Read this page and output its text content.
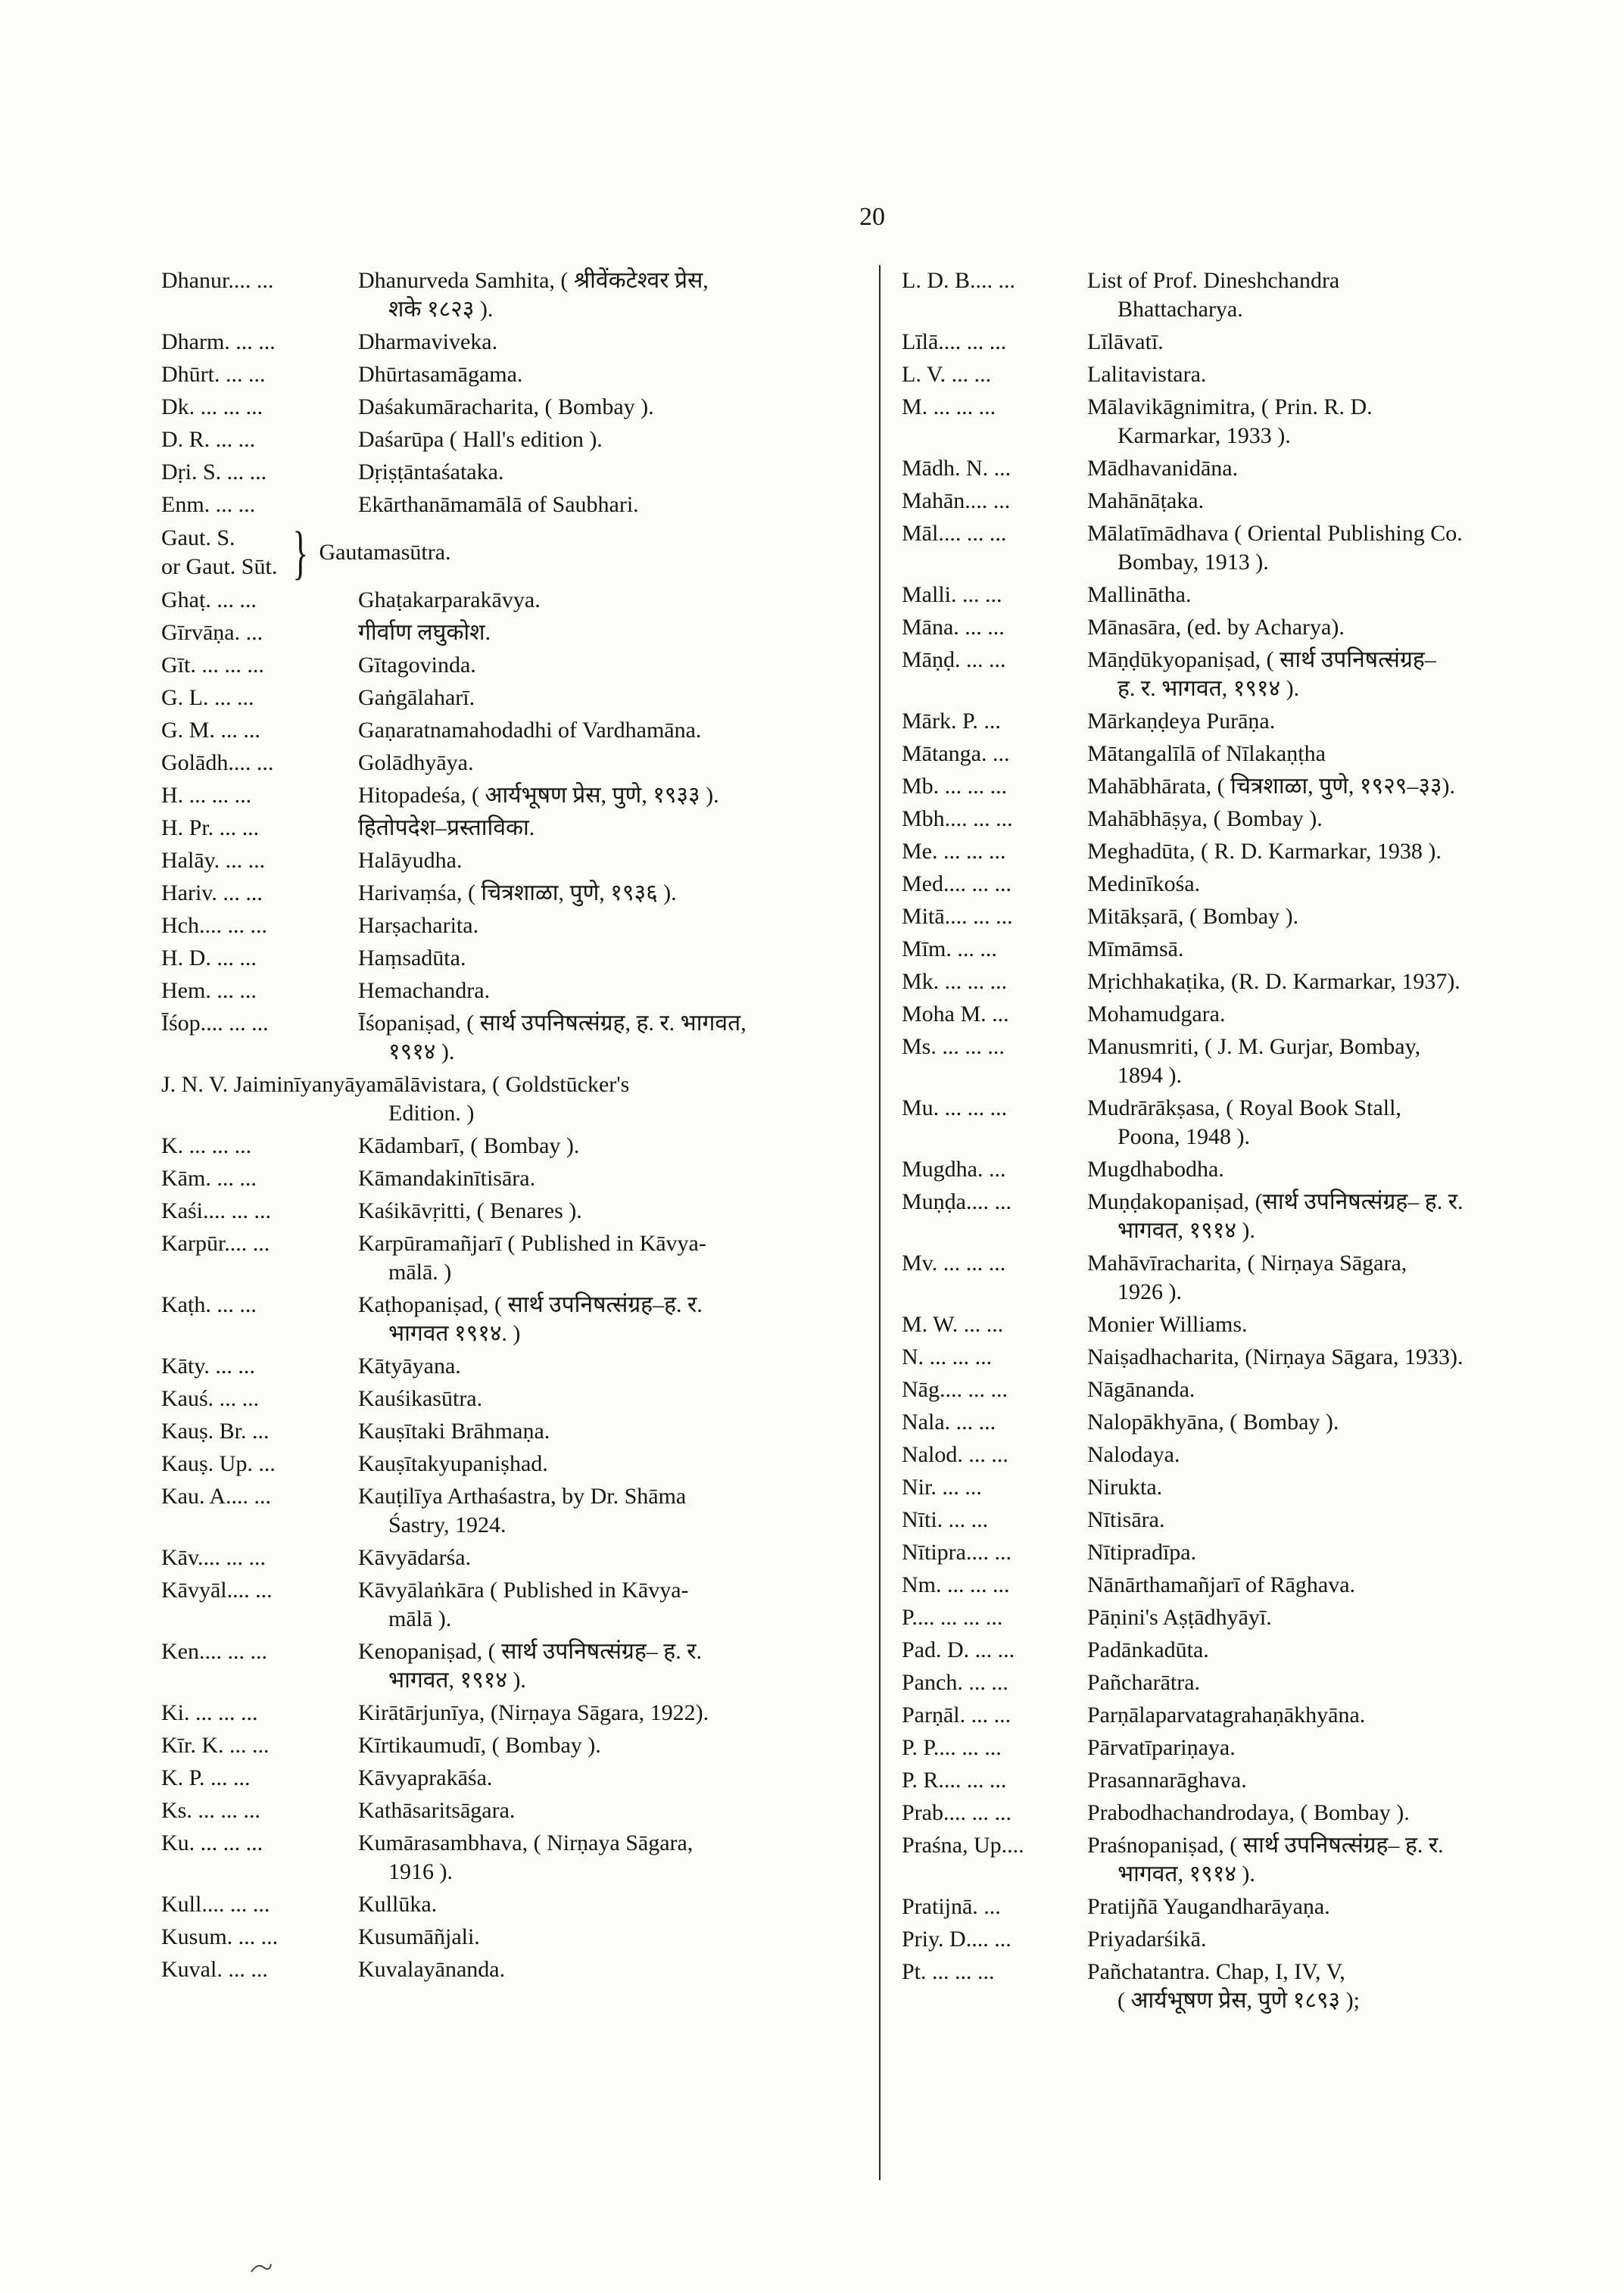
20
Dhanur.... ...	Dhanurveda Samhita, ( श्रीवेंकटेश्वर प्रेस,
शके १८२३ ).
Dharm. ... ...	Dharmaviveka.
Dhūrt. ... ...	Dhūrtasamāgama.
Dk. ... ... ...	Daśakumāracharita, ( Bombay ).
D. R. ... ...	Daśarūpa ( Hall's edition ).
Dṛi. S. ... ...	Dṛiṣṭāntaśataka.
Enm. ... ...	Ekārthanāmamālā of Saubhari.
Gaut. S.
or Gaut. Sūt. } Gautamasūtra.
Ghaṭ. ... ...	Ghaṭakarparakāvya.
Gīrvāṇa. ...	गीर्वाण लघुकोश.
Gīt. ... ... ...	Gītagovinda.
G. L. ... ...	Gaṅgālaharī.
G. M. ... ...	Gaṇaratnamahodadhi of Vardhamāna.
Golādh.... ...	Golādhyāya.
H. ... ... ...	Hitopadeśa, ( आर्यभूषण प्रेस, पुणे, १९३३ ).
H. Pr. ... ...	हितोपदेश–प्रस्ताविका.
Halāy. ... ...	Halāyudha.
Hariv. ... ...	Harivaṃśa, ( चित्रशाळा, पुणे, १९३६ ).
Hch.... ... ...	Harṣacharita.
H. D. ... ...	Haṃsadūta.
Hem. ... ...	Hemachandra.
Īśop.... ... ...	Īśopaniṣad, ( सार्थ उपनिषत्संग्रह, ह. र. भागवत,
१९१४ ).
J. N. V. Jaiminīyanyāyamālāvistara, ( Goldstūcker's Edition. )
K. ... ... ...	Kādambarī, ( Bombay ).
Kām. ... ...	Kāmandakinītisāra.
Kaśi.... ... ...	Kaśikāvṛitti, ( Benares ).
Karpūr.... ...	Karpūramañjarī ( Published in Kāvya-
mālā. )
Kaṭh. ... ...	Kaṭhopaniṣad, ( सार्थ उपनिषत्संग्रह–ह. र.
भागवत १९१४. )
Kāty. ... ...	Kātyāyana.
Kauś. ... ...	Kauśikasūtra.
Kauṣ. Br. ...	Kauṣītaki Brāhmaṇa.
Kauṣ. Up. ...	Kauṣītakyupaniṣhad.
Kau. A.... ...	Kauṭilīya Arthaśastra, by Dr. Shāma
Śastry, 1924.
Kāv.... ... ...	Kāvyādarśa.
Kāvyāl.... ...	Kāvyālaṅkāra ( Published in Kāvya-
mālā ).
Ken.... ... ...	Kenopaniṣad, ( सार्थ उपनिषत्संग्रह– ह. र.
भागवत, १९१४ ).
Ki. ... ... ...	Kirātārjunīya, (Nirṇaya Sāgara, 1922).
Kīr. K. ... ...	Kīrtikaumudī, ( Bombay ).
K. P. ... ...	Kāvyaprakāśa.
Ks. ... ... ...	Kathāsaritsāgara.
Ku. ... ... ...	Kumārasambhava, ( Nirṇaya Sāgara,
1916 ).
Kull.... ... ...	Kullūka.
Kusum. ... ...	Kusumāñjali.
Kuval. ... ...	Kuvalayānanda.
L. D. B.... ...	List of Prof. Dineshchandra
Bhattacharya.
Līlā.... ... ...	Līlāvatī.
L. V. ... ...	Lalitavistara.
M. ... ... ...	Mālavikāgnimitra, ( Prin. R. D.
Karmarkar, 1933 ).
Mādh. N. ...	Mādhavanidāna.
Mahān.... ...	Mahānāṭaka.
Māl.... ... ...	Mālatīmādhava ( Oriental Publishing Co.
Bombay, 1913 ).
Malli. ... ...	Mallinātha.
Māna. ... ...	Mānasāra, (ed. by Acharya).
Māṇḍ. ... ...	Māṇḍūkyopaniṣad, ( सार्थ उपनिषत्संग्रह–
ह. र. भागवत, १९१४ ).
Mārk. P. ...	Mārkaṇḍeya Purāṇa.
Mātanga. ...	Mātangalīlā of Nīlakaṇṭha
Mb. ... ... ...	Mahābhārata, ( चित्रशाळा, पुणे, १९२९–३३).
Mbh.... ... ...	Mahābhāṣya, ( Bombay ).
Me. ... ... ...	Meghadūta, ( R. D. Karmarkar, 1938 ).
Med.... ... ...	Medinīkośa.
Mitā.... ... ...	Mitākṣarā, ( Bombay ).
Mīm. ... ...	Mīmāmsā.
Mk. ... ... ...	Mṛichhakaṭika, (R. D. Karmarkar, 1937).
Moha M. ...	Mohamudgara.
Ms. ... ... ...	Manusmriti, ( J. M. Gurjar, Bombay,
1894 ).
Mu. ... ... ...	Mudrārākṣasa, ( Royal Book Stall,
Poona, 1948 ).
Mugdha. ...	Mugdhabodha.
Muṇḍa.... ...	Muṇḍakopaniṣad, (सार्थ उपनिषत्संग्रह– ह. र.
भागवत, १९१४ ).
Mv. ... ... ...	Mahāvīracharita, ( Nirṇaya Sāgara,
1926 ).
M. W. ... ...	Monier Williams.
N. ... ... ...	Naiṣadhacharita, (Nirṇaya Sāgara, 1933).
Nāg.... ... ...	Nāgānanda.
Nala. ... ...	Nalopākhyāna, ( Bombay ).
Nalod. ... ...	Nalodaya.
Nir. ... ...	Nirukta.
Nīti. ... ...	Nītisāra.
Nītipra.... ...	Nītipradīpa.
Nm. ... ... ...	Nānārthamañjarī of Rāghava.
P.... ... ... ...	Pāṇini's Aṣṭādhyāyī.
Pad. D. ... ...	Padānkadūta.
Panch. ... ...	Pañcharātra.
Parṇāl. ... ...	Parṇālaparvatagrahaṇākhyāna.
P. P.... ... ...	Pārvatīpariṇaya.
P. R.... ... ...	Prasannarāghava.
Prab.... ... ...	Prabodhachandrodaya, ( Bombay ).
Praśna, Up....	Praśnopaniṣad, ( सार्थ उपनिषत्संग्रह– ह. र.
भागवत, १९१४ ).
Pratijnā. ...	Pratijñā Yaugandharāyaṇa.
Priy. D.... ...	Priyadarśikā.
Pt. ... ... ...	Pañchatantra. Chap, I, IV, V,
( आर्यभूषण प्रेस, पुणे १८९३ );
